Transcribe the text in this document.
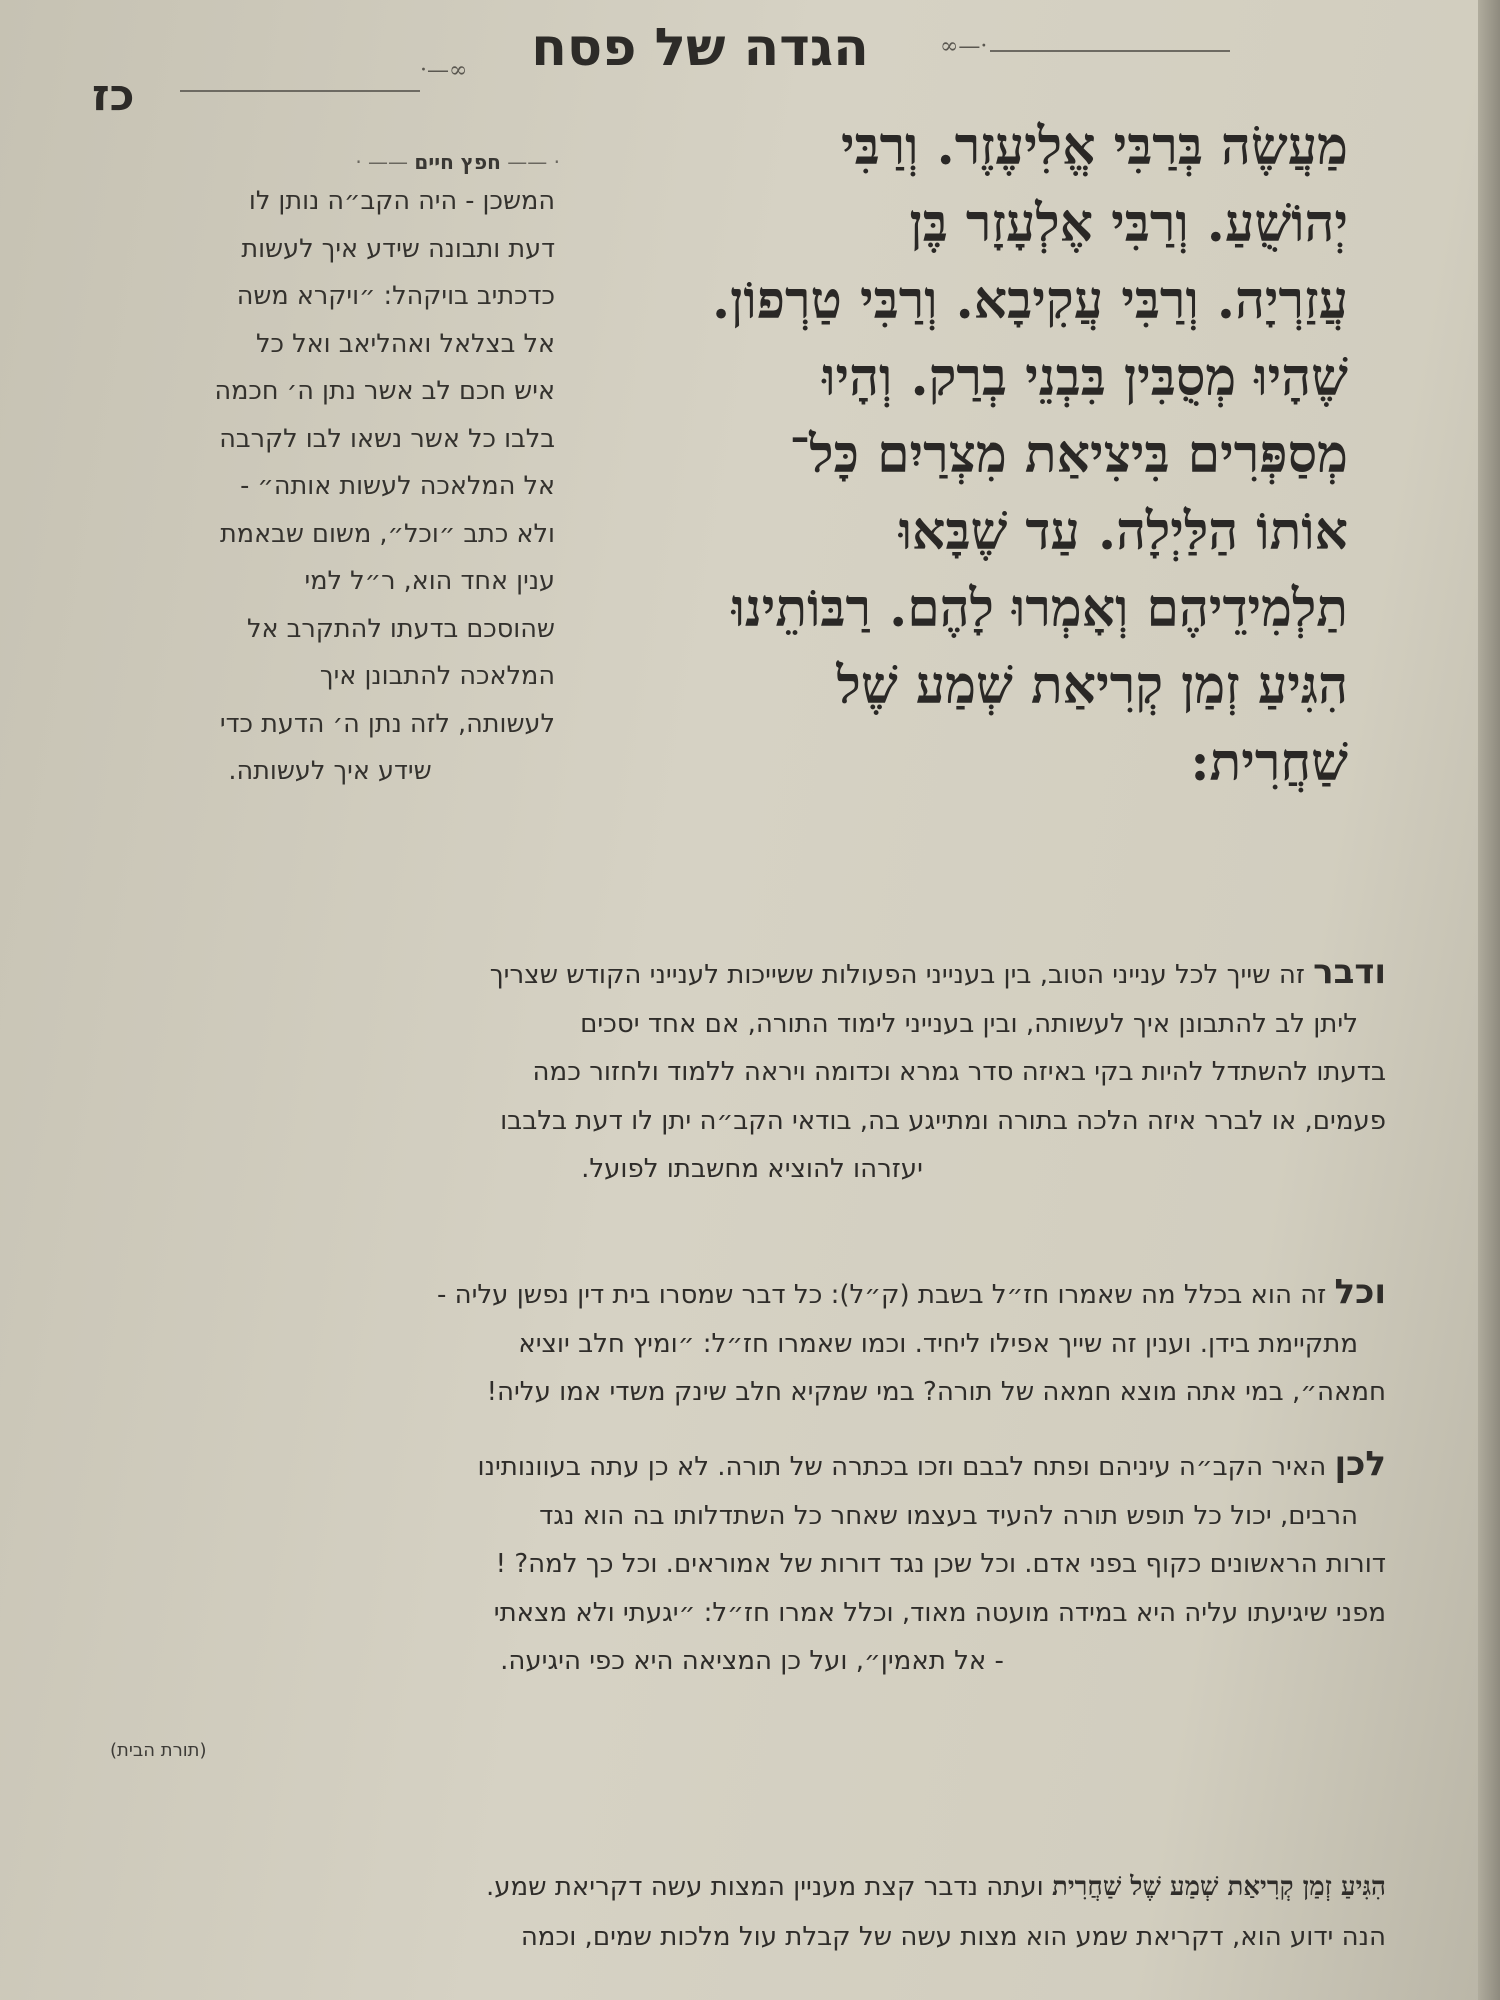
∞—·
·—∞	הגדה של פסח
כז
מַעֲשֶׂה בְּרַבִּי אֱלִיעֶזֶר. וְרַבִּי
יְהוֹשֻׁעַ. וְרַבִּי אֶלְעָזָר בֶּן
עֲזַרְיָה. וְרַבִּי עֲקִיבָא. וְרַבִּי טַרְפוֹן.
שֶׁהָיוּ מְסֻבִּין בִּבְנֵי בְרַק. וְהָיוּ
מְסַפְּרִים בִּיצִיאַת מִצְרַיִם כָּל־
אוֹתוֹ הַלַּיְלָה. עַד שֶׁבָּאוּ
תַלְמִידֵיהֶם וְאָמְרוּ לָהֶם. רַבּוֹתֵינוּ
הִגִּיעַ זְמַן קְרִיאַת שְׁמַע שֶׁל
שַׁחֲרִית:
· —— חפץ חיים —— ·
המשכן - היה הקב״ה נותן לו
דעת ותבונה שידע איך לעשות
כדכתיב בויקהל: ״ויקרא משה
אל בצלאל ואהליאב ואל כל
איש חכם לב אשר נתן ה׳ חכמה
בלבו כל אשר נשאו לבו לקרבה
אל המלאכה לעשות אותה״ -
ולא כתב ״וכל״, משום שבאמת
ענין אחד הוא, ר״ל למי
שהוסכם בדעתו להתקרב אל
המלאכה להתבונן איך
לעשותה, לזה נתן ה׳ הדעת כדי
שידע איך לעשותה.
ודבר זה שייך לכל ענייני הטוב, בין בענייני הפעולות ששייכות לענייני הקודש שצריך
ליתן לב להתבונן איך לעשותה, ובין בענייני לימוד התורה, אם אחד יסכים
בדעתו להשתדל להיות בקי באיזה סדר גמרא וכדומה ויראה ללמוד ולחזור כמה
פעמים, או לברר איזה הלכה בתורה ומתייגע בה, בודאי הקב״ה יתן לו דעת בלבבו
יעזרהו להוציא מחשבתו לפועל.
וכל זה הוא בכלל מה שאמרו חז״ל בשבת (ק״ל): כל דבר שמסרו בית דין נפשן עליה -
מתקיימת בידן. וענין זה שייך אפילו ליחיד. וכמו שאמרו חז״ל: ״ומיץ חלב יוציא
חמאה״, במי אתה מוצא חמאה של תורה? במי שמקיא חלב שינק משדי אמו עליה!
לכן האיר הקב״ה עיניהם ופתח לבבם וזכו בכתרה של תורה. לא כן עתה בעוונותינו
הרבים, יכול כל תופש תורה להעיד בעצמו שאחר כל השתדלותו בה הוא נגד
דורות הראשונים כקוף בפני אדם. וכל שכן נגד דורות של אמוראים. וכל כך למה? !
מפני שיגיעתו עליה היא במידה מועטה מאוד, וכלל אמרו חז״ל: ״יגעתי ולא מצאתי
- אל תאמין״, ועל כן המציאה היא כפי היגיעה.
(תורת הבית)
הִגִּיעַ זְמַן קְרִיאַת שְׁמַע שֶׁל שַׁחֲרִית ועתה נדבר קצת מעניין המצות עשה דקריאת שמע.
הנה ידוע הוא, דקריאת שמע הוא מצות עשה של קבלת עול מלכות שמים, וכמה
